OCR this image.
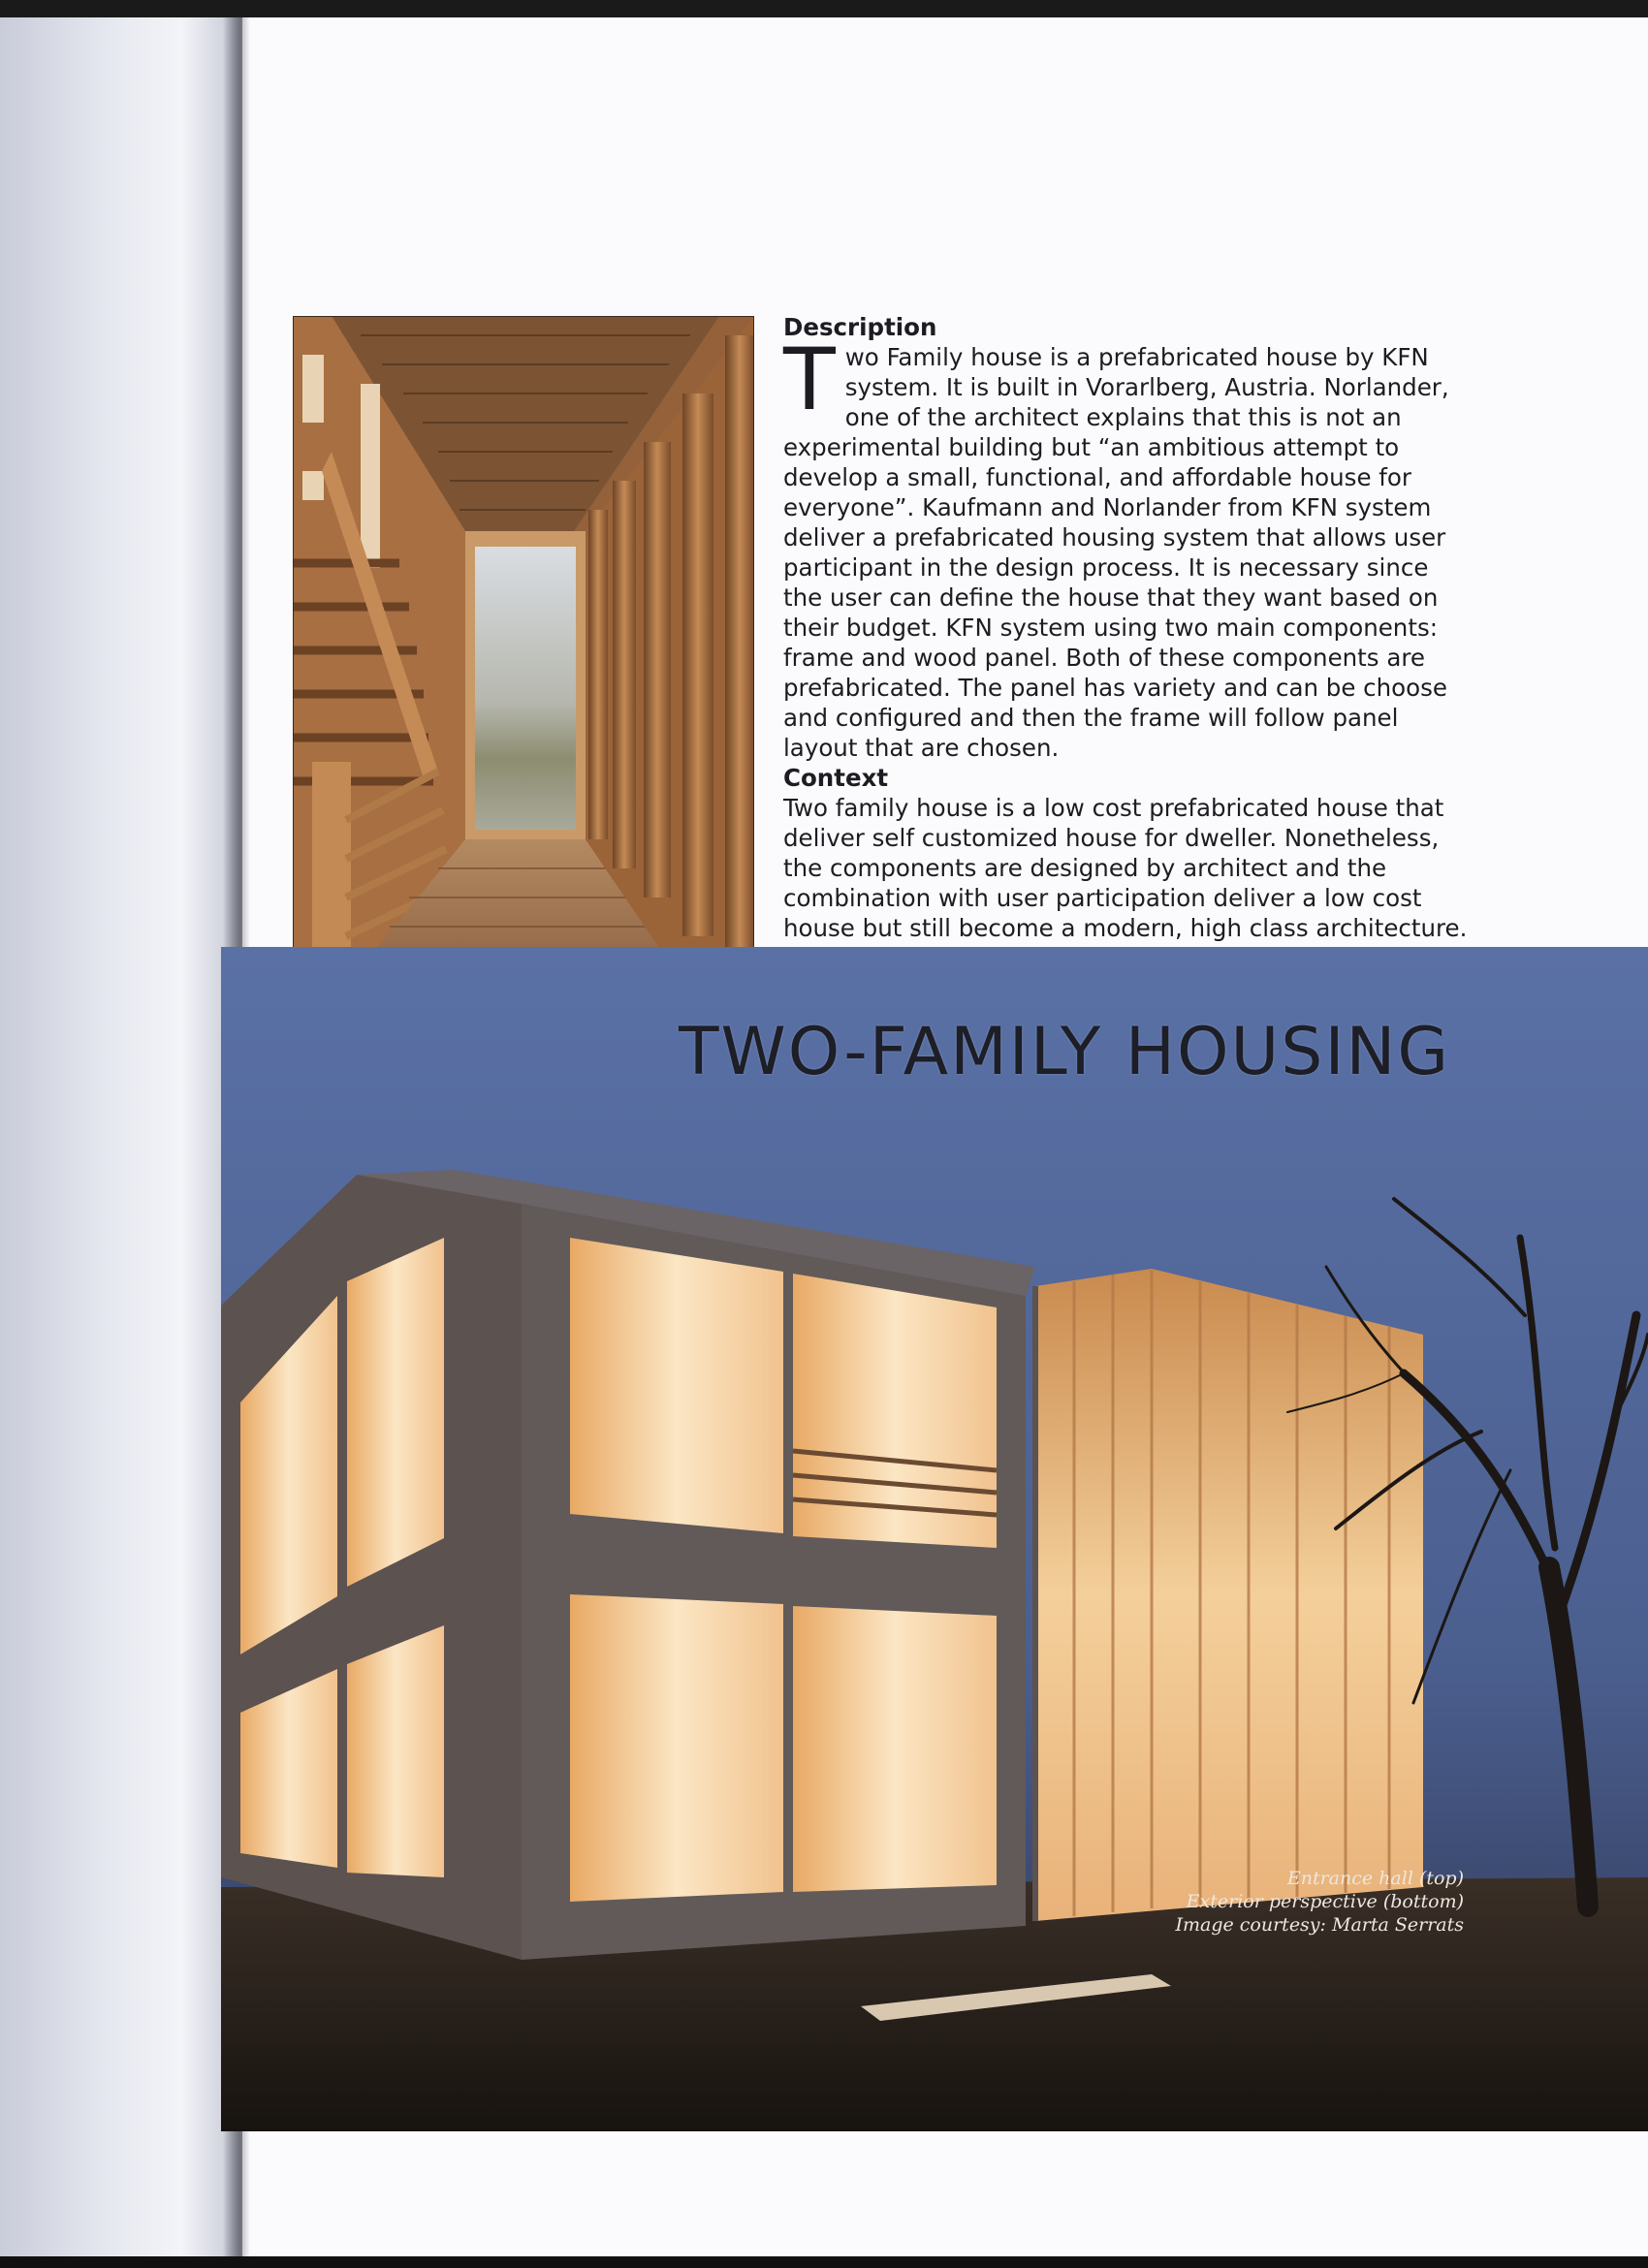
Description

Two Family house is a prefabricated house by KFN system. It is built in Vorarlberg, Austria. Norlander, one of the architect explains that this is not an experimental building but “an ambitious attempt to develop a small, functional, and affordable house for everyone”. Kaufmann and Norlander from KFN system deliver a prefabricated housing system that allows user participant in the design process. It is necessary since the user can define the house that they want based on their budget. KFN system using two main components: frame and wood panel. Both of these components are prefabricated. The panel has variety and can be choose and configured and then the frame will follow panel layout that are chosen.

Context

Two family house is a low cost prefabricated house that deliver self customized house for dweller. Nonetheless, the components are designed by architect and the combination with user participation deliver a low cost house but still become a modern, high class architecture.

TWO-FAMILY HOUSING
Entrance hall (top)
Exterior perspective (bottom)
Image courtesy: Marta Serrats
